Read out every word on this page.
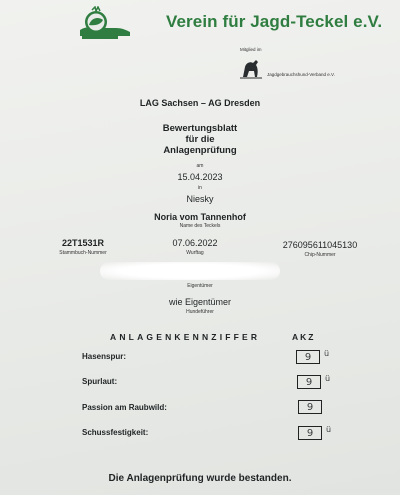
Verein für Jagd-Teckel e.V.
Mitglied im
Jagdgebrauchshund-Verband e.V.
LAG Sachsen – AG Dresden
Bewertungsblatt
für die
Anlagenprüfung
am
15.04.2023
in
Niesky
Noria vom Tannenhof
Name des Teckels
22T1531R
Stammbuch-Nummer
07.06.2022
Wurftag
276095611045130
Chip-Nummer
Eigentümer
wie Eigentümer
Hundeführer
ANLAGENKENNZIFFER	AKZ
Hasenspur:	9 ü
Spurlaut:	9 ü
Passion am Raubwild:	9
Schussfestigkeit:	9 ü
Die Anlagenprüfung wurde bestanden.
